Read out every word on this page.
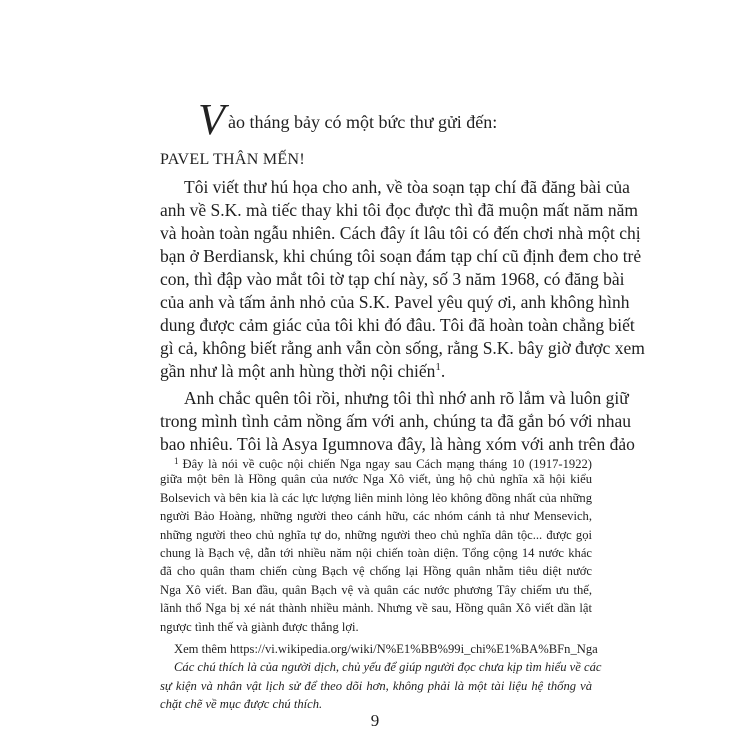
V ào tháng bảy có một bức thư gửi đến:
PAVEL THÂN MẾN!
Tôi viết thư hú họa cho anh, về tòa soạn tạp chí đã đăng bài của
anh về S.K. mà tiếc thay khi tôi đọc được thì đã muộn mất năm năm
và hoàn toàn ngẫu nhiên. Cách đây ít lâu tôi có đến chơi nhà một chị
bạn ở Berdiansk, khi chúng tôi soạn đám tạp chí cũ định đem cho trẻ
con, thì đập vào mắt tôi tờ tạp chí này, số 3 năm 1968, có đăng bài
của anh và tấm ảnh nhỏ của S.K. Pavel yêu quý ơi, anh không hình
dung được cảm giác của tôi khi đó đâu. Tôi đã hoàn toàn chẳng biết
gì cả, không biết rằng anh vẫn còn sống, rằng S.K. bây giờ được xem
gần như là một anh hùng thời nội chiến$^1$.
Anh chắc quên tôi rồi, nhưng tôi thì nhớ anh rõ lắm và luôn giữ
trong mình tình cảm nồng ấm với anh, chúng ta đã gắn bó với nhau
bao nhiêu. Tôi là Asya Igumnova đây, là hàng xóm với anh trên đảo
$^1$ Đây là nói về cuộc nội chiến Nga ngay sau Cách mạng tháng 10 (1917-1922)
giữa một bên là Hồng quân của nước Nga Xô viết, ủng hộ chủ nghĩa xã hội kiểu
Bolsevich và bên kia là các lực lượng liên minh lỏng lẻo không đồng nhất của những
người Bảo Hoàng, những người theo cánh hữu, các nhóm cánh tả như Mensevich,
những người theo chủ nghĩa tự do, những người theo chủ nghĩa dân tộc... được gọi
chung là Bạch vệ, dẫn tới nhiều năm nội chiến toàn diện. Tổng cộng 14 nước khác
đã cho quân tham chiến cùng Bạch vệ chống lại Hồng quân nhằm tiêu diệt nước
Nga Xô viết. Ban đầu, quân Bạch vệ và quân các nước phương Tây chiếm ưu thế,
lãnh thổ Nga bị xé nát thành nhiều mảnh. Nhưng về sau, Hồng quân Xô viết dần lật
ngược tình thế và giành được thắng lợi.
Xem thêm https://vi.wikipedia.org/wiki/N%E1%BB%99i_chi%E1%BA%BFn_Nga
Các chú thích là của người dịch, chủ yếu để giúp người đọc chưa kịp tìm hiểu về các
sự kiện và nhân vật lịch sử để theo dõi hơn, không phải là một tài liệu hệ thống và
chặt chẽ về mục được chú thích.
9
